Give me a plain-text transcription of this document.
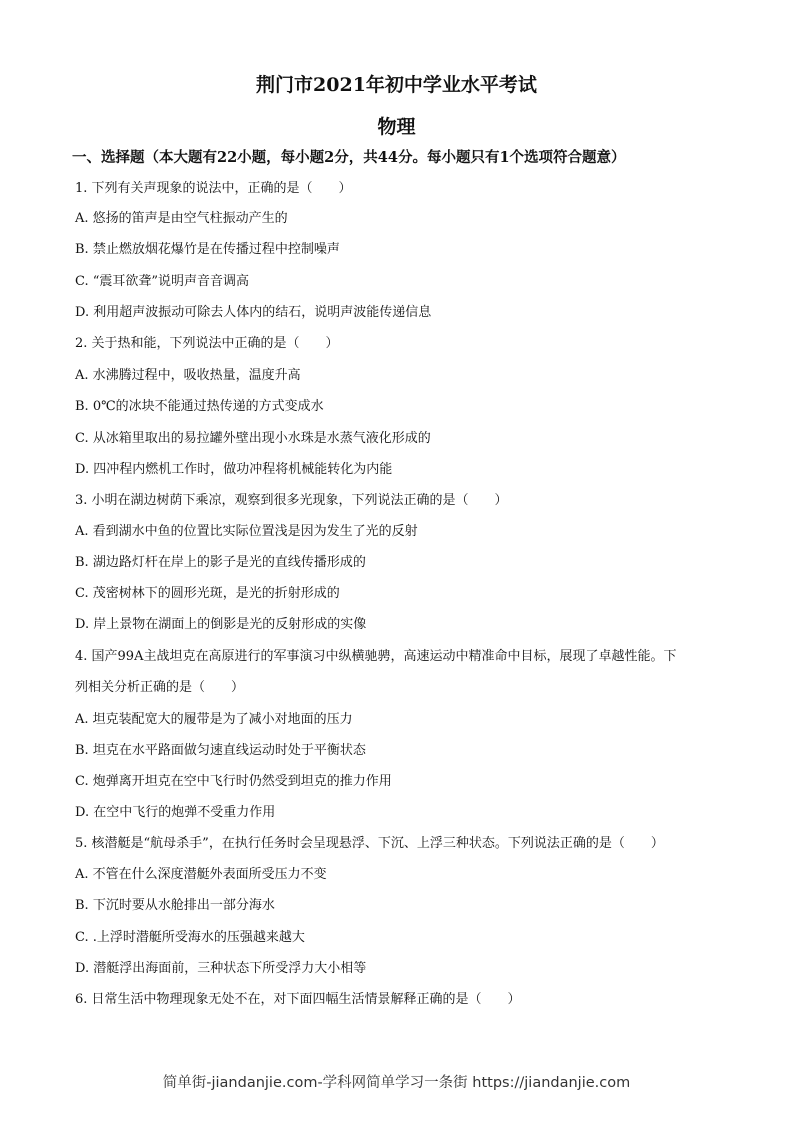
荆门市2021年初中学业水平考试
物理

一、选择题（本大题有22小题，每小题2分，共44分。每小题只有1个选项符合题意）

1. 下列有关声现象的说法中，正确的是（　　）

A. 悠扬的笛声是由空气柱振动产生的

B. 禁止燃放烟花爆竹是在传播过程中控制噪声

C. “震耳欲聋”说明声音音调高

D. 利用超声波振动可除去人体内的结石，说明声波能传递信息

2. 关于热和能，下列说法中正确的是（　　）

A. 水沸腾过程中，吸收热量，温度升高

B. 0℃的冰块不能通过热传递的方式变成水

C. 从冰箱里取出的易拉罐外壁出现小水珠是水蒸气液化形成的

D. 四冲程内燃机工作时，做功冲程将机械能转化为内能

3. 小明在湖边树荫下乘凉，观察到很多光现象，下列说法正确的是（　　）

A. 看到湖水中鱼的位置比实际位置浅是因为发生了光的反射

B. 湖边路灯杆在岸上的影子是光的直线传播形成的

C. 茂密树林下的圆形光斑，是光的折射形成的

D. 岸上景物在湖面上的倒影是光的反射形成的实像

4. 国产99A主战坦克在高原进行的军事演习中纵横驰骋，高速运动中精准命中目标，展现了卓越性能。下

列相关分析正确的是（　　）

A. 坦克装配宽大的履带是为了减小对地面的压力

B. 坦克在水平路面做匀速直线运动时处于平衡状态

C. 炮弹离开坦克在空中飞行时仍然受到坦克的推力作用

D. 在空中飞行的炮弹不受重力作用

5. 核潜艇是“航母杀手”，在执行任务时会呈现悬浮、下沉、上浮三种状态。下列说法正确的是（　　）

A. 不管在什么深度潜艇外表面所受压力不变

B. 下沉时要从水舱排出一部分海水

C. .上浮时潜艇所受海水的压强越来越大

D. 潜艇浮出海面前，三种状态下所受浮力大小相等

6. 日常生活中物理现象无处不在，对下面四幅生活情景解释正确的是（　　）

简单街-jiandanjie.com-学科网简单学习一条街 https://jiandanjie.com
